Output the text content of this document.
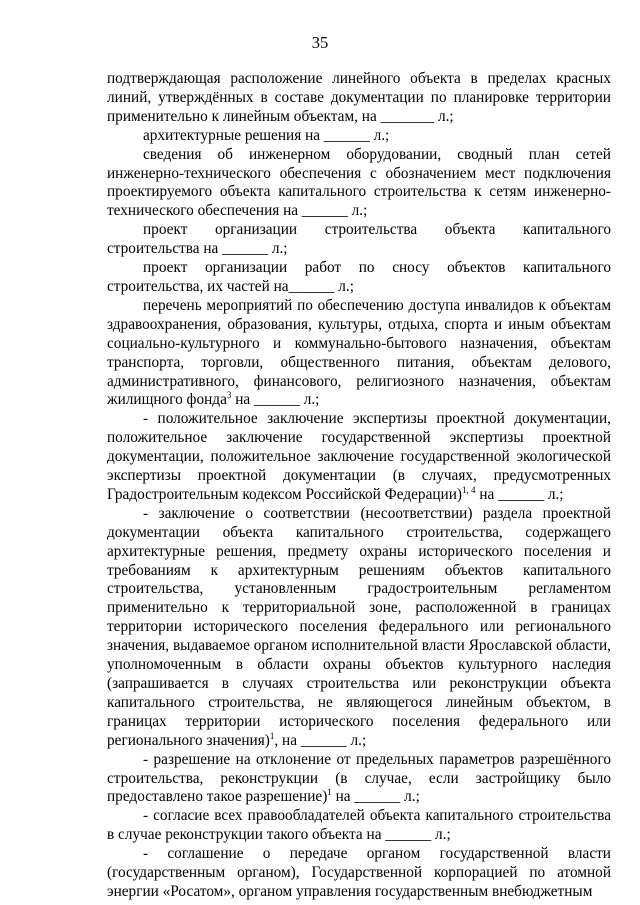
35

подтверждающая расположение линейного объекта в пределах красных линий, утверждённых в составе документации по планировке территории применительно к линейным объектам, на _______ л.;

архитектурные решения на ______ л.;

сведения об инженерном оборудовании, сводный план сетей инженерно-технического обеспечения с обозначением мест подключения проектируемого объекта капитального строительства к сетям инженерно-технического обеспечения на ______ л.;

проект организации строительства объекта капитального строительства на ______ л.;

проект организации работ по сносу объектов капитального строительства, их частей на______ л.;

перечень мероприятий по обеспечению доступа инвалидов к объектам здравоохранения, образования, культуры, отдыха, спорта и иным объектам социально-культурного и коммунально-бытового назначения, объектам транспорта, торговли, общественного питания, объектам делового, административного, финансового, религиозного назначения, объектам жилищного фонда$^3$ на ______ л.;

- положительное заключение экспертизы проектной документации, положительное заключение государственной экспертизы проектной документации, положительное заключение государственной экологической экспертизы проектной документации (в случаях, предусмотренных Градостроительным кодексом Российской Федерации)$^{1, 4}$ на ______ л.;

- заключение о соответствии (несоответствии) раздела проектной документации объекта капитального строительства, содержащего архитектурные решения, предмету охраны исторического поселения и требованиям к архитектурным решениям объектов капитального строительства, установленным градостроительным регламентом применительно к территориальной зоне, расположенной в границах территории исторического поселения федерального или регионального значения, выдаваемое органом исполнительной власти Ярославской области, уполномоченным в области охраны объектов культурного наследия (запрашивается в случаях строительства или реконструкции объекта капитального строительства, не являющегося линейным объектом, в границах территории исторического поселения федерального или регионального значения)$^1$, на ______ л.;

- разрешение на отклонение от предельных параметров разрешённого строительства, реконструкции (в случае, если застройщику было предоставлено такое разрешение)$^1$ на ______ л.;

- согласие всех правообладателей объекта капитального строительства в случае реконструкции такого объекта на ______ л.;

- соглашение о передаче органом государственной власти (государственным органом), Государственной корпорацией по атомной энергии «Росатом», органом управления государственным внебюджетным
